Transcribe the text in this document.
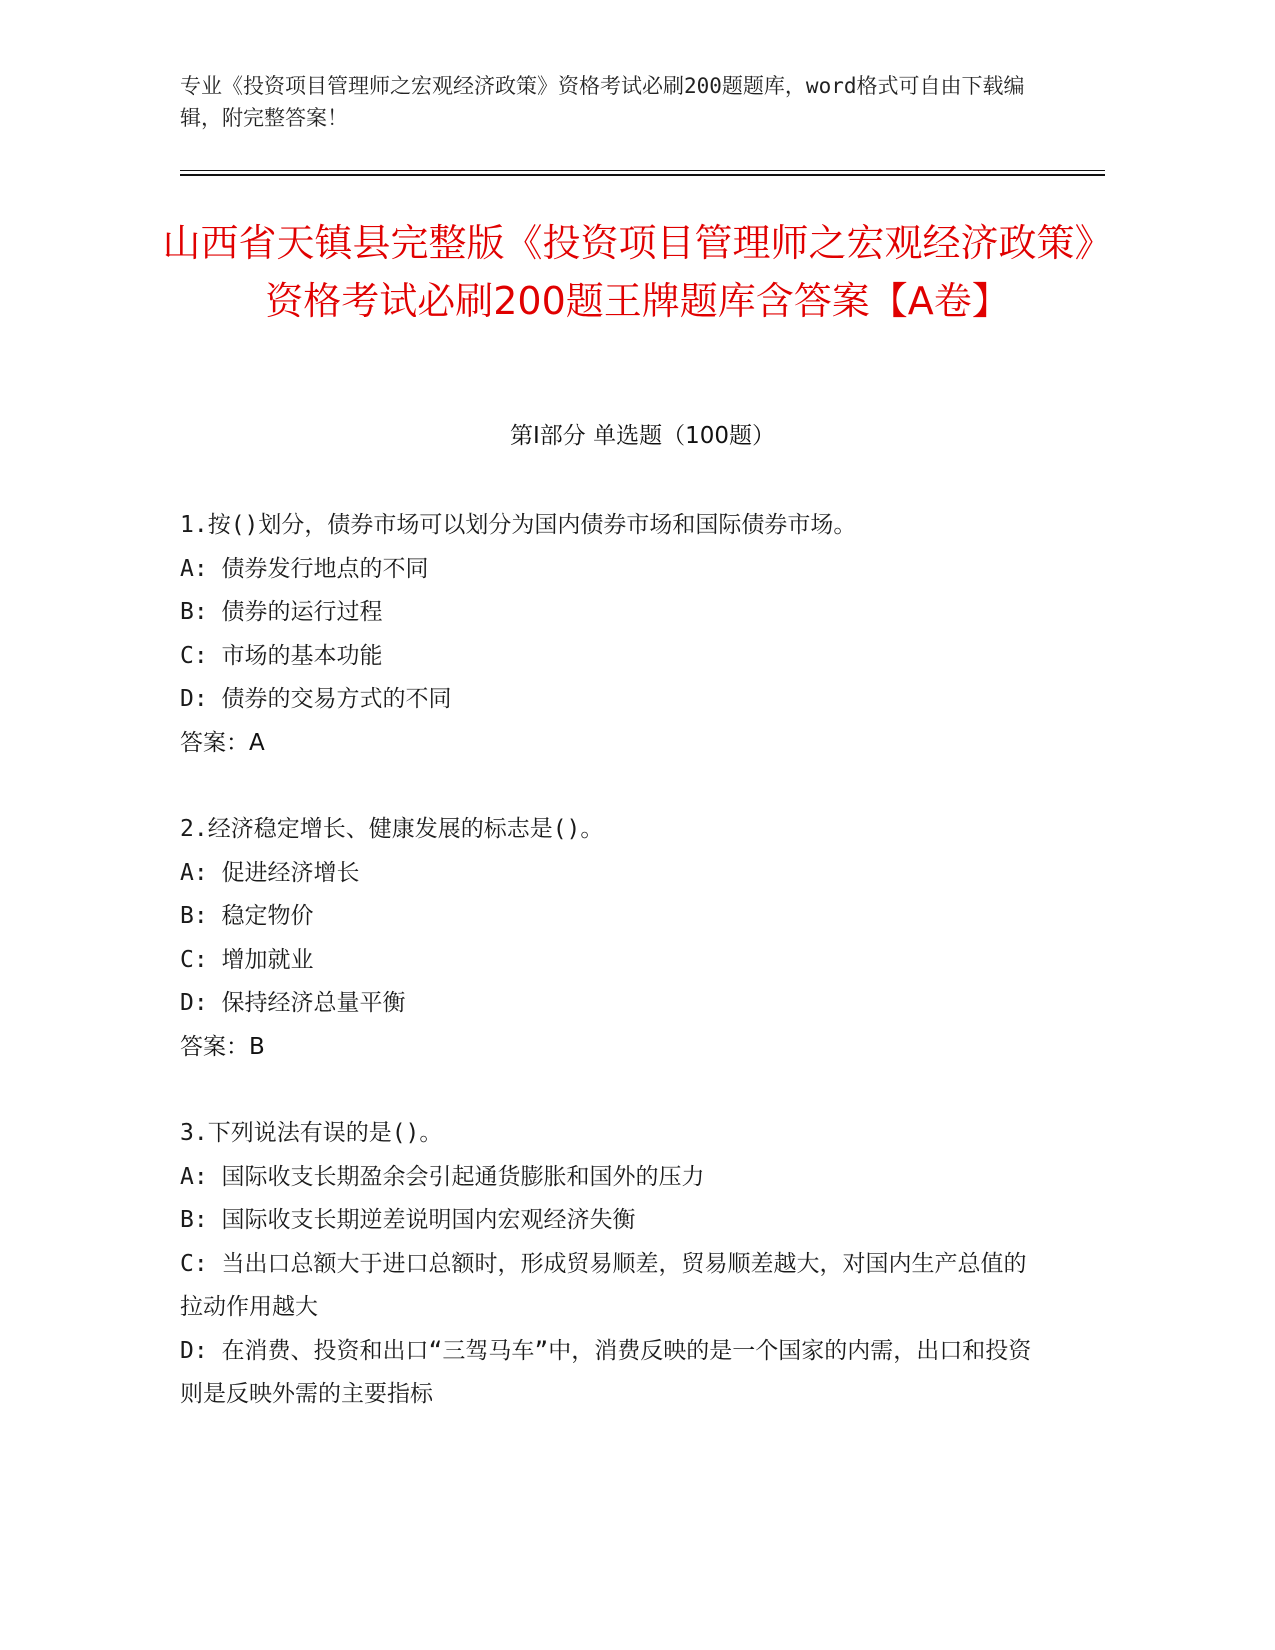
专业《投资项目管理师之宏观经济政策》资格考试必刷200题题库，word格式可自由下载编辑，附完整答案！
山西省天镇县完整版《投资项目管理师之宏观经济政策》资格考试必刷200题王牌题库含答案【A卷】
第I部分 单选题（100题）

1.按()划分，债券市场可以划分为国内债券市场和国际债券市场。

A: 债券发行地点的不同

B: 债券的运行过程

C: 市场的基本功能

D: 债券的交易方式的不同

答案：A

2.经济稳定增长、健康发展的标志是()。

A: 促进经济增长

B: 稳定物价

C: 增加就业

D: 保持经济总量平衡

答案：B

3.下列说法有误的是()。

A: 国际收支长期盈余会引起通货膨胀和国外的压力

B: 国际收支长期逆差说明国内宏观经济失衡

C: 当出口总额大于进口总额时，形成贸易顺差，贸易顺差越大，对国内生产总值的拉动作用越大

D: 在消费、投资和出口“三驾马车”中，消费反映的是一个国家的内需，出口和投资则是反映外需的主要指标
